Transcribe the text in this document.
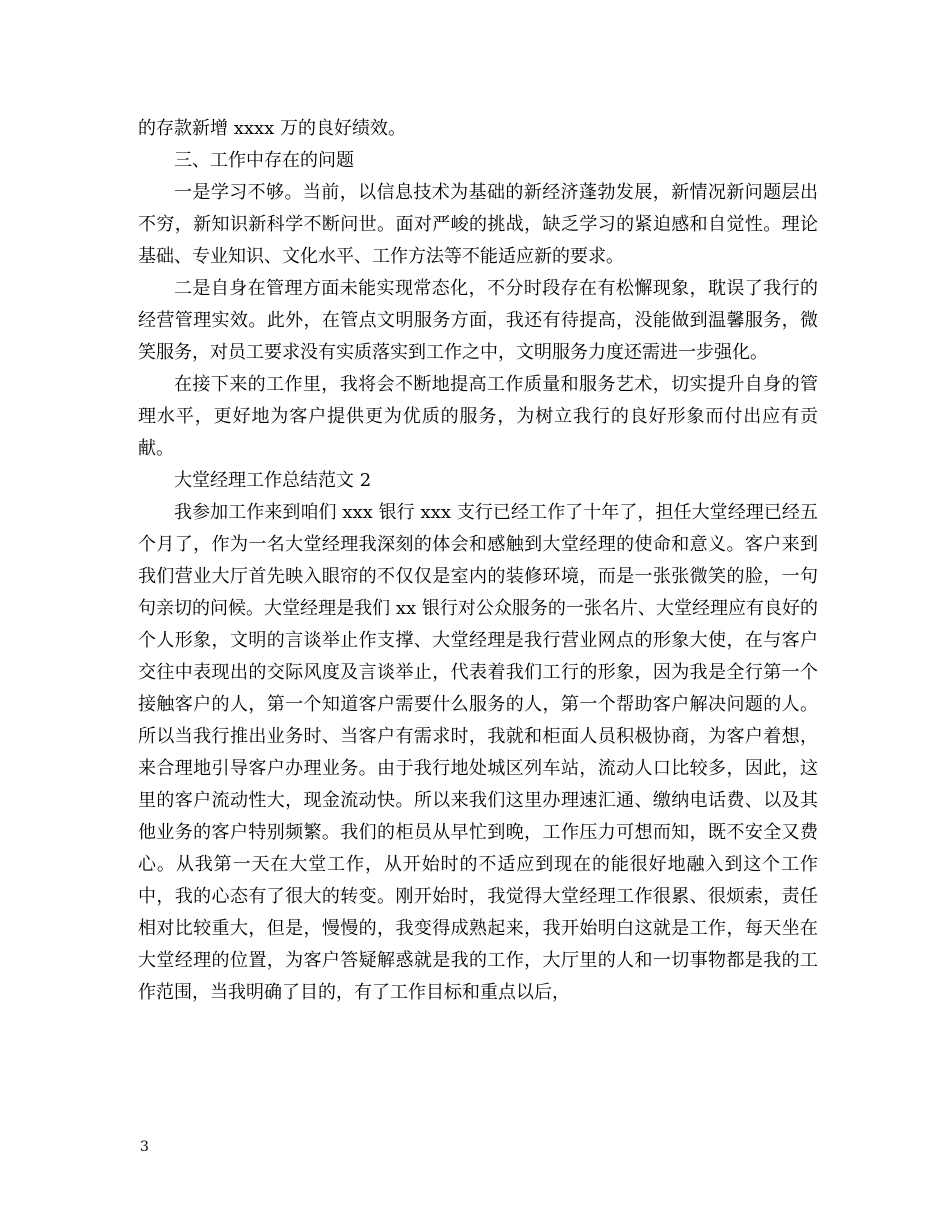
的存款新增 xxxx 万的良好绩效。

三、工作中存在的问题

一是学习不够。当前，以信息技术为基础的新经济蓬勃发展，新情况新问题层出不穷，新知识新科学不断问世。面对严峻的挑战，缺乏学习的紧迫感和自觉性。理论基础、专业知识、文化水平、工作方法等不能适应新的要求。

二是自身在管理方面未能实现常态化，不分时段存在有松懈现象，耽误了我行的经营管理实效。此外，在管点文明服务方面，我还有待提高，没能做到温馨服务，微笑服务，对员工要求没有实质落实到工作之中，文明服务力度还需进一步强化。

在接下来的工作里，我将会不断地提高工作质量和服务艺术，切实提升自身的管理水平，更好地为客户提供更为优质的服务，为树立我行的良好形象而付出应有贡献。

大堂经理工作总结范文 2

我参加工作来到咱们 xxx 银行 xxx 支行已经工作了十年了，担任大堂经理已经五个月了，作为一名大堂经理我深刻的体会和感触到大堂经理的使命和意义。客户来到我们营业大厅首先映入眼帘的不仅仅是室内的装修环境，而是一张张微笑的脸，一句句亲切的问候。大堂经理是我们 xx 银行对公众服务的一张名片、大堂经理应有良好的个人形象，文明的言谈举止作支撑、大堂经理是我行营业网点的形象大使，在与客户交往中表现出的交际风度及言谈举止，代表着我们工行的形象，因为我是全行第一个接触客户的人，第一个知道客户需要什么服务的人，第一个帮助客户解决问题的人。所以当我行推出业务时、当客户有需求时，我就和柜面人员积极协商，为客户着想，来合理地引导客户办理业务。由于我行地处城区列车站，流动人口比较多，因此，这里的客户流动性大，现金流动快。所以来我们这里办理速汇通、缴纳电话费、以及其他业务的客户特别频繁。我们的柜员从早忙到晚，工作压力可想而知，既不安全又费心。从我第一天在大堂工作，从开始时的不适应到现在的能很好地融入到这个工作中，我的心态有了很大的转变。刚开始时，我觉得大堂经理工作很累、很烦索，责任相对比较重大，但是，慢慢的，我变得成熟起来，我开始明白这就是工作，每天坐在大堂经理的位置，为客户答疑解惑就是我的工作，大厅里的人和一切事物都是我的工作范围，当我明确了目的，有了工作目标和重点以后，

3
